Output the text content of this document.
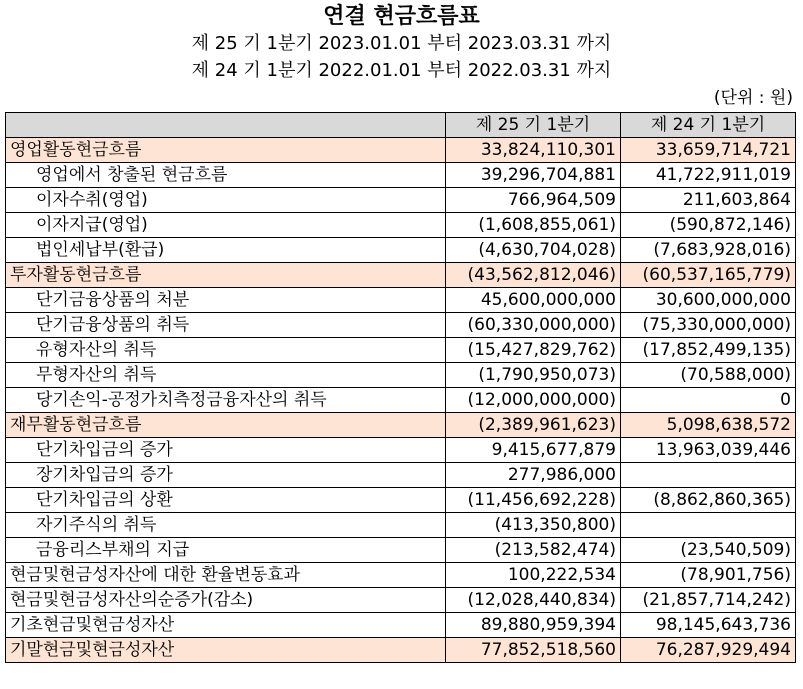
연결 현금흐름표
제 25 기 1분기 2023.01.01 부터 2023.03.31 까지
제 24 기 1분기 2022.01.01 부터 2022.03.31 까지
(단위 : 원)
	제 25 기 1분기	제 24 기 1분기
영업활동현금흐름	33,824,110,301	33,659,714,721
영업에서 창출된 현금흐름	39,296,704,881	41,722,911,019
이자수취(영업)	766,964,509	211,603,864
이자지급(영업)	(1,608,855,061)	(590,872,146)
법인세납부(환급)	(4,630,704,028)	(7,683,928,016)
투자활동현금흐름	(43,562,812,046)	(60,537,165,779)
단기금융상품의 처분	45,600,000,000	30,600,000,000
단기금융상품의 취득	(60,330,000,000)	(75,330,000,000)
유형자산의 취득	(15,427,829,762)	(17,852,499,135)
무형자산의 취득	(1,790,950,073)	(70,588,000)
당기손익-공정가치측정금융자산의 취득	(12,000,000,000)	0
재무활동현금흐름	(2,389,961,623)	5,098,638,572
단기차입금의 증가	9,415,677,879	13,963,039,446
장기차입금의 증가	277,986,000	
단기차입금의 상환	(11,456,692,228)	(8,862,860,365)
자기주식의 취득	(413,350,800)	
금융리스부채의 지급	(213,582,474)	(23,540,509)
현금및현금성자산에 대한 환율변동효과	100,222,534	(78,901,756)
현금및현금성자산의순증가(감소)	(12,028,440,834)	(21,857,714,242)
기초현금및현금성자산	89,880,959,394	98,145,643,736
기말현금및현금성자산	77,852,518,560	76,287,929,494
